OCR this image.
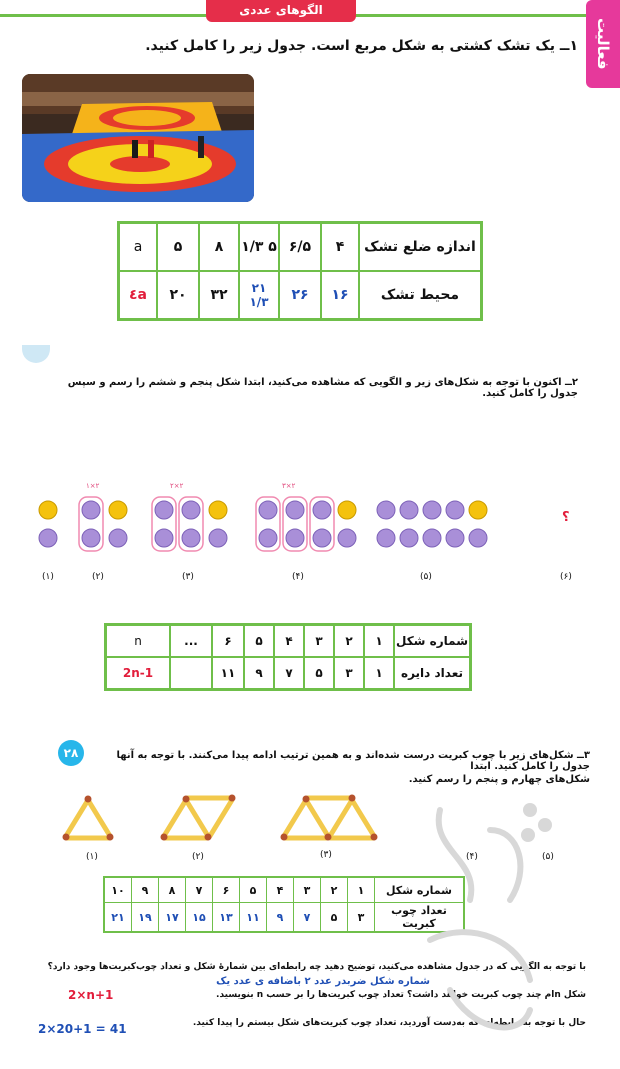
الگوهای عددی
فعالیت
۱ــ یک تشک کشتی به شکل مربع است. جدول زیر را کامل کنید.
اندازه ضلع تشک	۴	۶/۵	۵ ۱/۳	۸	۵	a
محیط تشک	۱۶	۲۶	۲۱ ۱/۳	۳۲	۲۰	٤a
۲ــ اکنون با توجه به شکل‌های زیر و الگویی که مشاهده می‌کنید، ابتدا شکل پنجم و ششم را رسم و سپس جدول را کامل کنید.
۱×۲	۲×۲	۳×۲
؟
(۱)	(۲)	(۳)	(۴)	(۵)	(۶)
شماره شکل	۱	۲	۳	۴	۵	۶	...	n
تعداد دایره	۱	۳	۵	۷	۹	۱۱		2n-1
۲۸	۳ــ شکل‌های زیر با چوب کبریت درست شده‌اند و به همین ترتیب ادامه پیدا می‌کنند. با توجه به آنها جدول را کامل کنید. ابتدا
شکل‌های چهارم و پنجم را رسم کنید.
(۱)	(۲)	(۳)	(۴)	(۵)
شماره شکل	۱	۲	۳	۴	۵	۶	۷	۸	۹	۱۰
تعداد چوب کبریت	۳	۵	۷	۹	۱۱	۱۳	۱۵	۱۷	۱۹	۲۱
با توجه به الگویی که در جدول مشاهده می‌کنید، توضیح دهید چه رابطه‌ای بین شمارهٔ شکل و تعداد چوب‌کبریت‌ها وجود دارد؟
شماره شکل ضربدر عدد ۲ باضافه ی عدد یک
شکل n‌ام چند چوب کبریت خواهد داشت؟ تعداد چوب کبریت‌ها را بر حسب n بنویسید.
2×n+1
حال با توجه به رابطه‌ای که به‌دست آوردید، تعداد چوب کبریت‌های شکل بیستم را پیدا کنید.
2×20+1 = 41
